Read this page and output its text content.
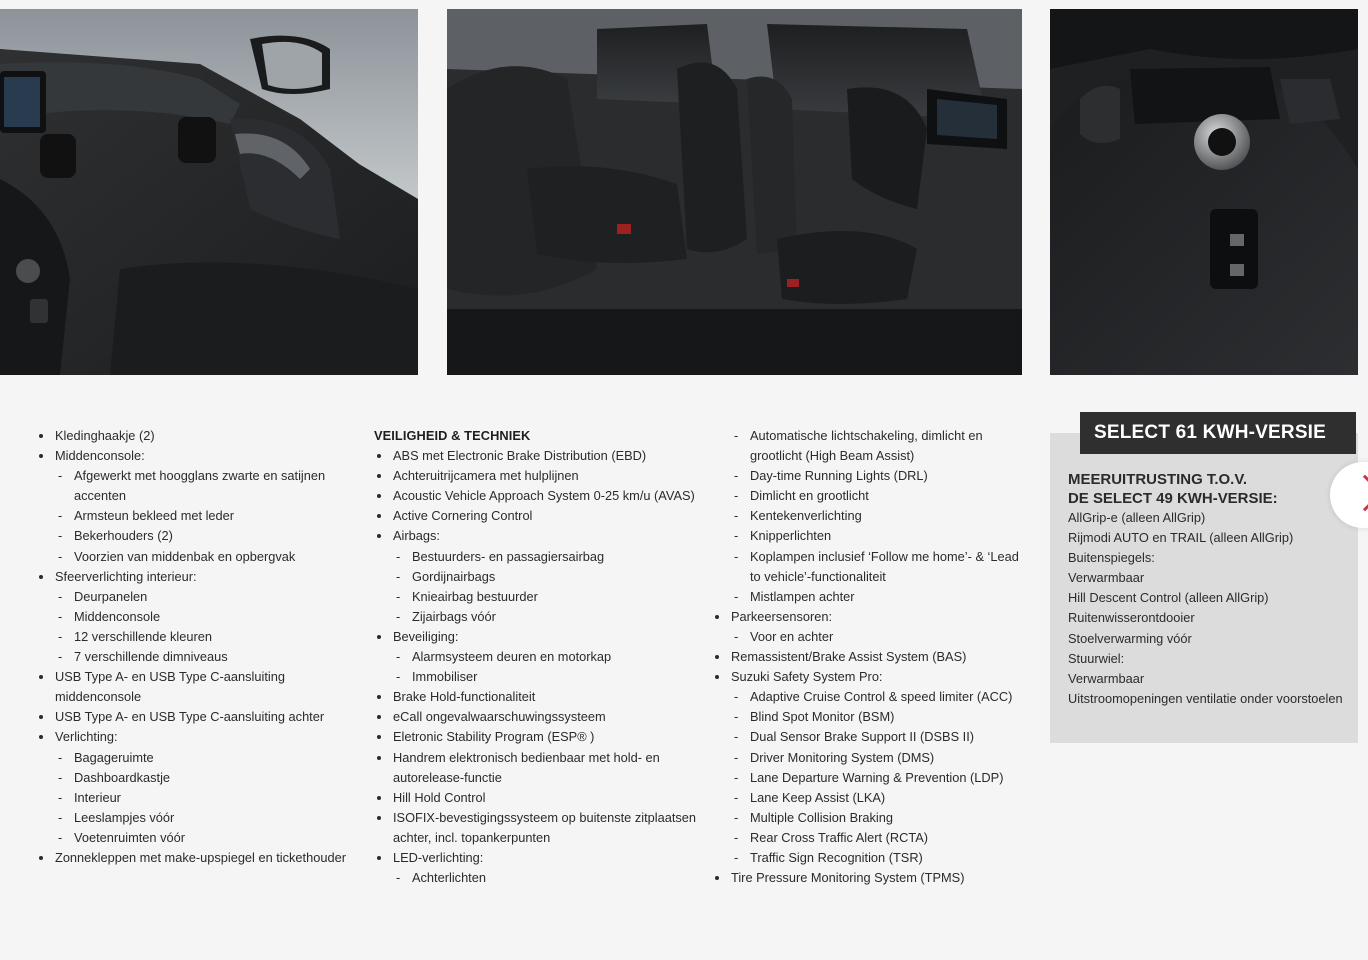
Kledinghaakje (2)
Middenconsole:
- Afgewerkt met hoogglans zwarte en satijnen accenten
- Armsteun bekleed met leder
- Bekerhouders (2)
- Voorzien van middenbak en opbergvak
Sfeerverlichting interieur:
- Deurpanelen
- Middenconsole
- 12 verschillende kleuren
- 7 verschillende dimniveaus
USB Type A- en USB Type C-aansluiting middenconsole
USB Type A- en USB Type C-aansluiting achter
Verlichting:
- Bagageruimte
- Dashboardkastje
- Interieur
- Leeslampjes vóór
- Voetenruimten vóór
Zonnekleppen met make-upspiegel en tickethouder
VEILIGHEID & TECHNIEK
ABS met Electronic Brake Distribution (EBD)
Achteruitrijcamera met hulplijnen
Acoustic Vehicle Approach System 0-25 km/u (AVAS)
Active Cornering Control
Airbags:
- Bestuurders- en passagiersairbag
- Gordijnairbags
- Knieairbag bestuurder
- Zijairbags vóór
Beveiliging:
- Alarmsysteem deuren en motorkap
- Immobiliser
Brake Hold-functionaliteit
eCall ongevalwaarschuwingssysteem
Eletronic Stability Program (ESP® )
Handrem elektronisch bedienbaar met hold- en autorelease-functie
Hill Hold Control
ISOFIX-bevestigingssysteem op buitenste zitplaatsen achter, incl. topankerpunten
LED-verlichting:
- Achterlichten
- Automatische lichtschakeling, dimlicht en grootlicht (High Beam Assist)
- Day-time Running Lights (DRL)
- Dimlicht en grootlicht
- Kentekenverlichting
- Knipperlichten
- Koplampen inclusief ‘Follow me home’- & ‘Lead to vehicle’-functionaliteit
- Mistlampen achter
Parkeersensoren:
- Voor en achter
Remassistent/Brake Assist System (BAS)
Suzuki Safety System Pro:
- Adaptive Cruise Control & speed limiter (ACC)
- Blind Spot Monitor (BSM)
- Dual Sensor Brake Support II (DSBS II)
- Driver Monitoring System (DMS)
- Lane Departure Warning & Prevention (LDP)
- Lane Keep Assist (LKA)
- Multiple Collision Braking
- Rear Cross Traffic Alert (RCTA)
- Traffic Sign Recognition (TSR)
Tire Pressure Monitoring System (TPMS)
SELECT 61 KWH-VERSIE
MEERUITRUSTING T.O.V.
DE SELECT 49 KWH-VERSIE:
AllGrip-e (alleen AllGrip)
Rijmodi AUTO en TRAIL (alleen AllGrip)
Buitenspiegels:
Verwarmbaar
Hill Descent Control (alleen AllGrip)
Ruitenwisserontdooier
Stoelverwarming vóór
Stuurwiel:
Verwarmbaar
Uitstroomopeningen ventilatie onder voorstoelen
